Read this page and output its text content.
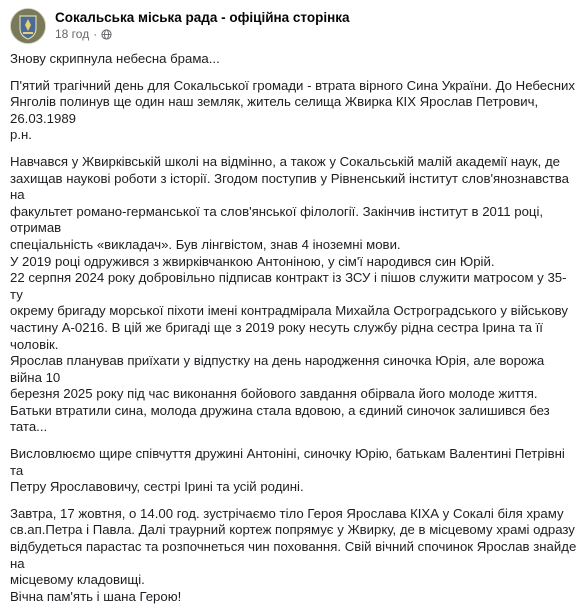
Сокальська міська рада - офіційна сторінка
18 год ·
Знову скрипнула небесна брама...
П'ятий трагічний день для Сокальської громади - втрата вірного Сина України. До Небесних
Янголів полинув ще один наш земляк, житель селища Жвирка КІХ Ярослав Петрович, 26.03.1989
р.н.
Навчався у Жвирківській школі на відмінно, а також у Сокальській малій академії наук, де
захищав наукові роботи з історії. Згодом поступив у Рівненський інститут слов'янознавства на
факультет романо-германської та слов'янської філології. Закінчив інститут в 2011 році, отримав
спеціальність «викладач». Був лінгвістом, знав 4 іноземні мови.
У 2019 році одружився з жвирківчанкою Антоніною, у сім'ї народився син Юрій.
22 серпня 2024 року добровільно підписав контракт із ЗСУ і пішов служити матросом у 35-ту
окрему бригаду морської піхоти імені контрадмірала Михайла Остроградського у військову
частину А-0216. В цій же бригаді ще з 2019 року несуть службу рідна сестра Ірина та її чоловік.
Ярослав планував приїхати у відпустку на день народження синочка Юрія, але ворожа війна 10
березня 2025 року під час виконання бойового завдання обірвала його молоде життя.
Батьки втратили сина, молода дружина стала вдовою, а єдиний синочок залишився без тата...
Висловлюємо щире співчуття дружині Антоніні, синочку Юрію, батькам Валентині Петрівні та
Петру Ярославовичу, сестрі Ірині та усій родині.
Завтра, 17 жовтня, о 14.00 год. зустрічаємо тіло Героя Ярослава КІХА у Сокалі біля храму
св.ап.Петра і Павла. Далі траурний кортеж попрямує у Жвирку, де в місцевому храмі одразу
відбудеться парастас та розпочнеться чин поховання. Свій вічний спочинок Ярослав знайде на
місцевому кладовищі.
Вічна пам'ять і шана Герою!
